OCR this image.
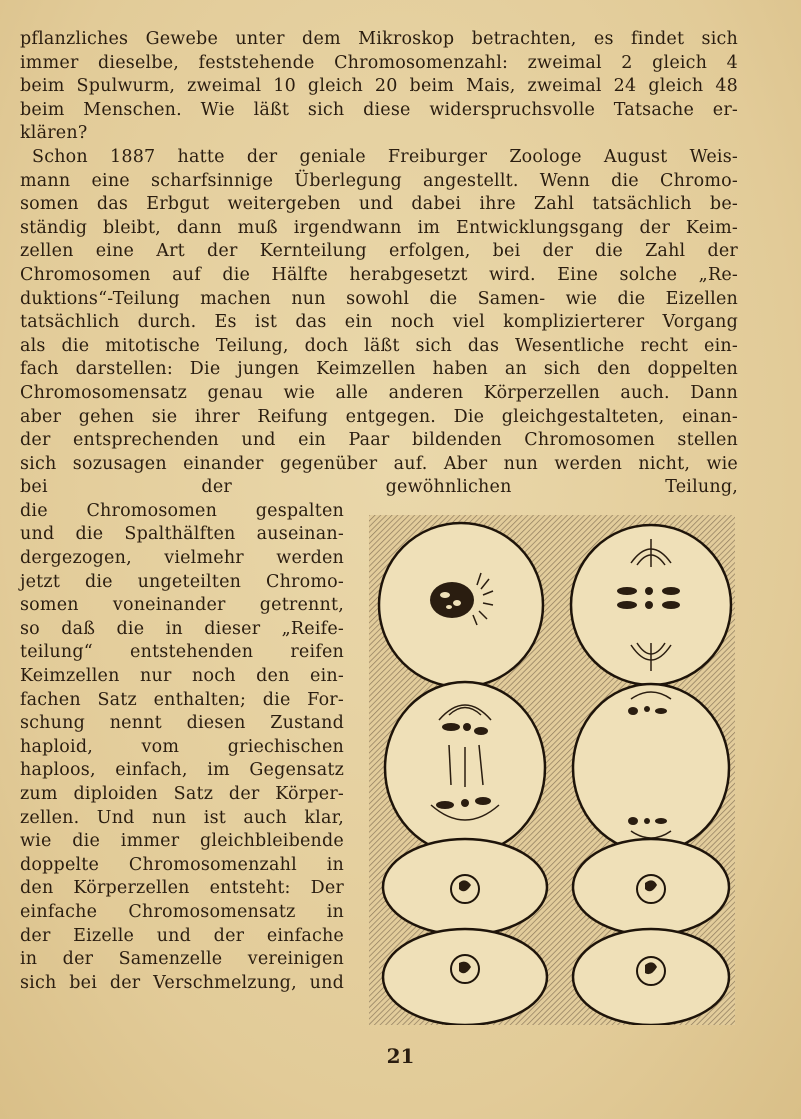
pflanzliches Gewebe unter dem Mikroskop betrachten, es findet sich
immer dieselbe, feststehende Chromosomenzahl: zweimal 2 gleich 4
beim Spulwurm, zweimal 10 gleich 20 beim Mais, zweimal 24 gleich 48
beim Menschen. Wie läßt sich diese widerspruchsvolle Tatsache er-
klären?
Schon 1887 hatte der geniale Freiburger Zoologe August Weis-
mann eine scharfsinnige Überlegung angestellt. Wenn die Chromo-
somen das Erbgut weitergeben und dabei ihre Zahl tatsächlich be-
ständig bleibt, dann muß irgendwann im Entwicklungsgang der Keim-
zellen eine Art der Kernteilung erfolgen, bei der die Zahl der
Chromosomen auf die Hälfte herabgesetzt wird. Eine solche „Re-
duktions“-Teilung machen nun sowohl die Samen- wie die Eizellen
tatsächlich durch. Es ist das ein noch viel komplizierterer Vorgang
als die mitotische Teilung, doch läßt sich das Wesentliche recht ein-
fach darstellen: Die jungen Keimzellen haben an sich den doppelten
Chromosomensatz genau wie alle anderen Körperzellen auch. Dann
aber gehen sie ihrer Reifung entgegen. Die gleichgestalteten, einan-
der entsprechenden und ein Paar bildenden Chromosomen stellen
sich sozusagen einander gegenüber auf. Aber nun werden nicht, wie
bei der gewöhnlichen Teilung,
die Chromosomen gespalten
und die Spalthälften auseinan-
dergezogen, vielmehr werden
jetzt die ungeteilten Chromo-
somen voneinander getrennt,
so daß die in dieser „Reife-
teilung“ entstehenden reifen
Keimzellen nur noch den ein-
fachen Satz enthalten; die For-
schung nennt diesen Zustand
haploid, vom griechischen
haploos, einfach, im Gegensatz
zum diploiden Satz der Körper-
zellen. Und nun ist auch klar,
wie die immer gleichbleibende
doppelte Chromosomenzahl in
den Körperzellen entsteht: Der
einfache Chromosomensatz in
der Eizelle und der einfache
in der Samenzelle vereinigen
sich bei der Verschmelzung, und
21
